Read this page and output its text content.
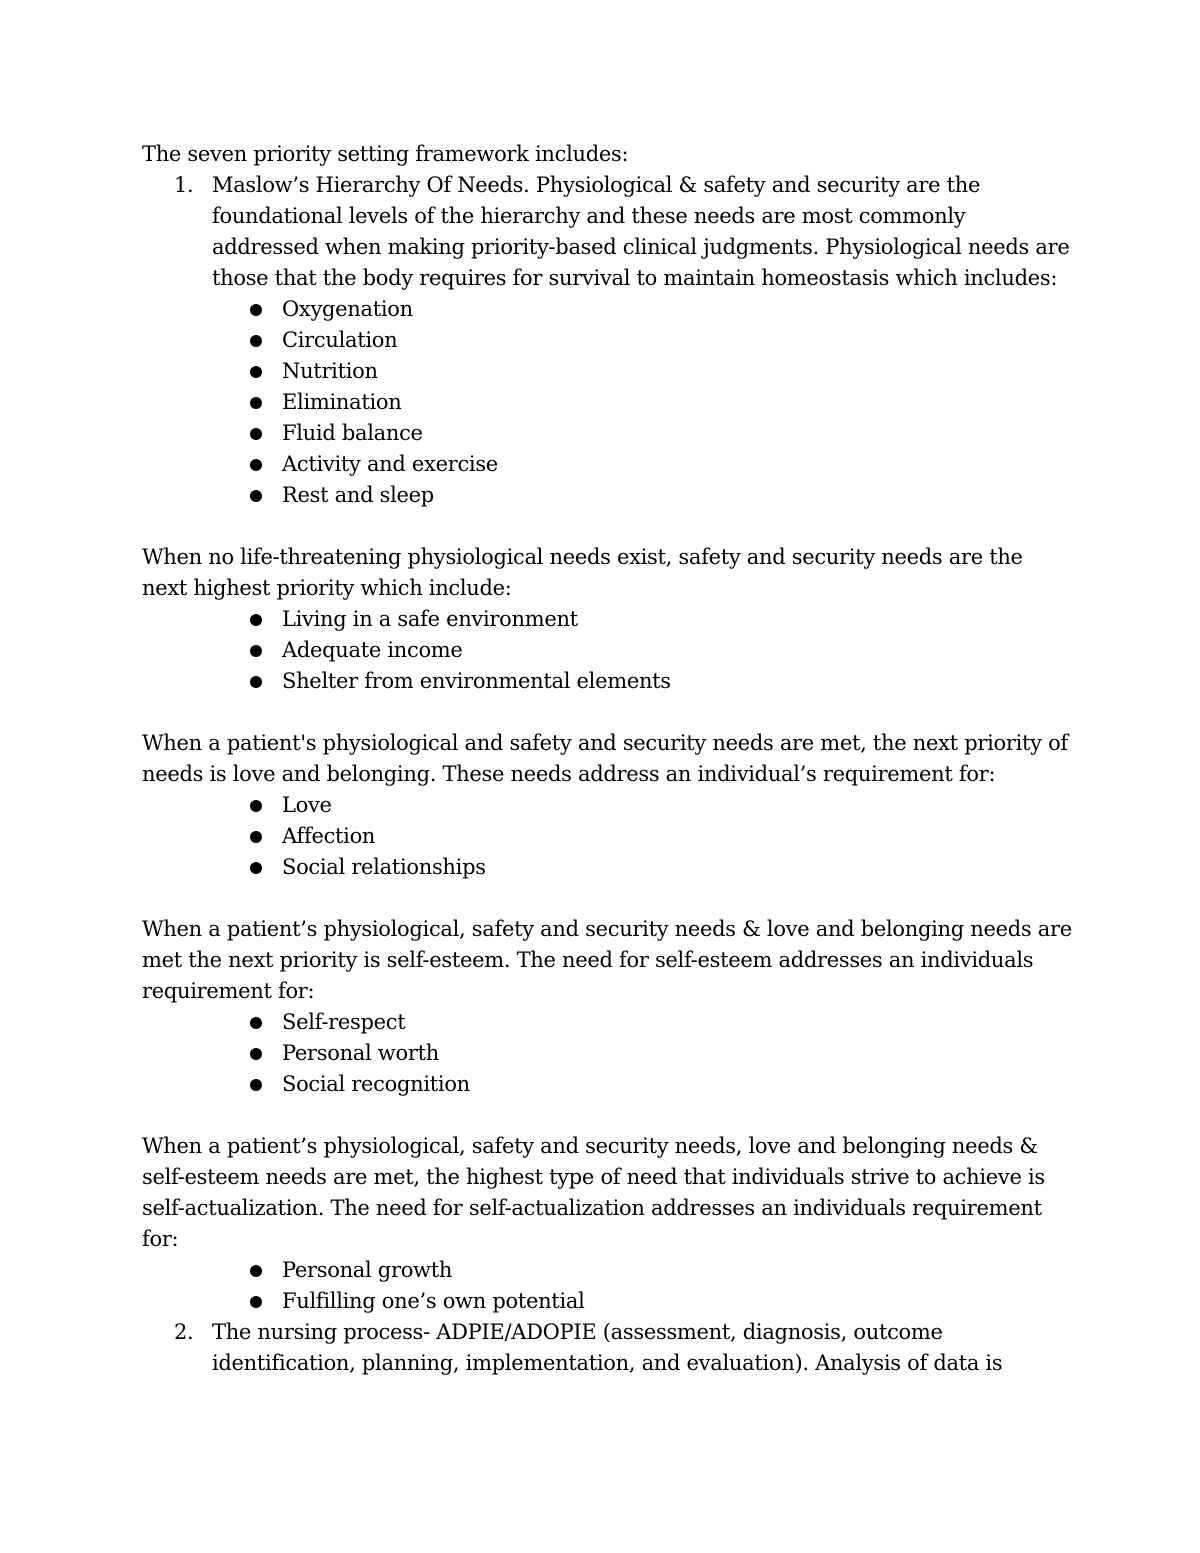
The seven priority setting framework includes:

1. Maslow’s Hierarchy Of Needs. Physiological & safety and security are the foundational levels of the hierarchy and these needs are most commonly addressed when making priority-based clinical judgments. Physiological needs are those that the body requires for survival to maintain homeostasis which includes:
Oxygenation
Circulation
Nutrition
Elimination
Fluid balance
Activity and exercise
Rest and sleep

When no life-threatening physiological needs exist, safety and security needs are the next highest priority which include:

Living in a safe environment
Adequate income
Shelter from environmental elements

When a patient's physiological and safety and security needs are met, the next priority of needs is love and belonging. These needs address an individual’s requirement for:

Love
Affection
Social relationships

When a patient’s physiological, safety and security needs & love and belonging needs are met the next priority is self-esteem. The need for self-esteem addresses an individuals requirement for:

Self-respect
Personal worth
Social recognition

When a patient’s physiological, safety and security needs, love and belonging needs & self-esteem needs are met, the highest type of need that individuals strive to achieve is self-actualization. The need for self-actualization addresses an individuals requirement for:

Personal growth
Fulfilling one’s own potential
2. The nursing process- ADPIE/ADOPIE (assessment, diagnosis, outcome identification, planning, implementation, and evaluation). Analysis of data is
